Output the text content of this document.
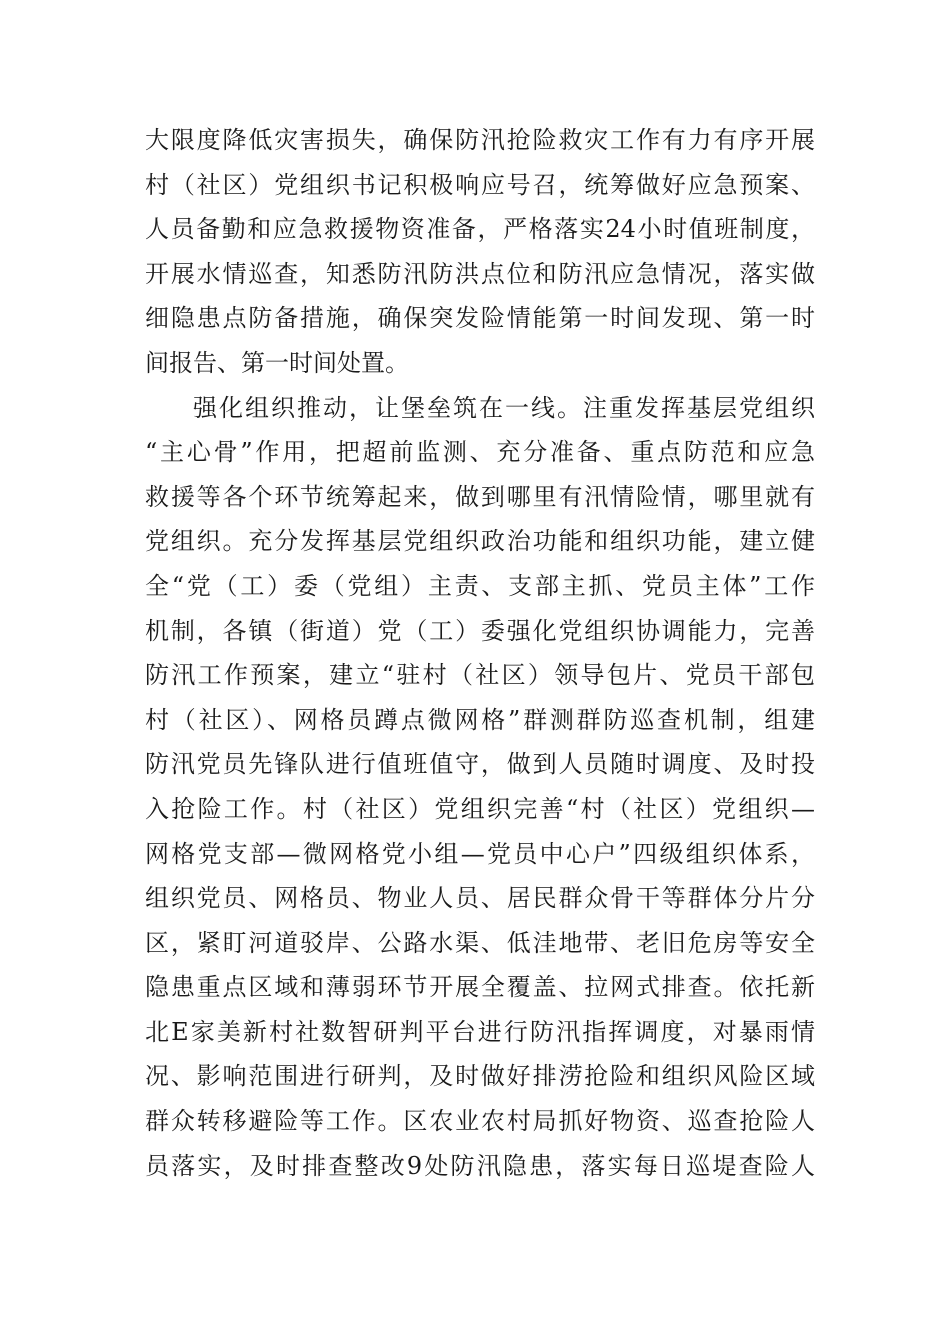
大限度降低灾害损失，确保防汛抢险救灾工作有力有序开展
村（社区）党组织书记积极响应号召，统筹做好应急预案、
人员备勤和应急救援物资准备，严格落实24小时值班制度，
开展水情巡查，知悉防汛防洪点位和防汛应急情况，落实做
细隐患点防备措施，确保突发险情能第一时间发现、第一时
间报告、第一时间处置。
强化组织推动，让堡垒筑在一线。注重发挥基层党组织
“主心骨”作用，把超前监测、充分准备、重点防范和应急
救援等各个环节统筹起来，做到哪里有汛情险情，哪里就有
党组织。充分发挥基层党组织政治功能和组织功能，建立健
全“党（工）委（党组）主责、支部主抓、党员主体”工作
机制，各镇（街道）党（工）委强化党组织协调能力，完善
防汛工作预案，建立“驻村（社区）领导包片、党员干部包
村（社区）、网格员蹲点微网格”群测群防巡查机制，组建
防汛党员先锋队进行值班值守，做到人员随时调度、及时投
入抢险工作。村（社区）党组织完善“村（社区）党组织—
网格党支部—微网格党小组—党员中心户”四级组织体系，
组织党员、网格员、物业人员、居民群众骨干等群体分片分
区，紧盯河道驳岸、公路水渠、低洼地带、老旧危房等安全
隐患重点区域和薄弱环节开展全覆盖、拉网式排查。依托新
北E家美新村社数智研判平台进行防汛指挥调度，对暴雨情
况、影响范围进行研判，及时做好排涝抢险和组织风险区域
群众转移避险等工作。区农业农村局抓好物资、巡查抢险人
员落实，及时排查整改9处防汛隐患，落实每日巡堤查险人
